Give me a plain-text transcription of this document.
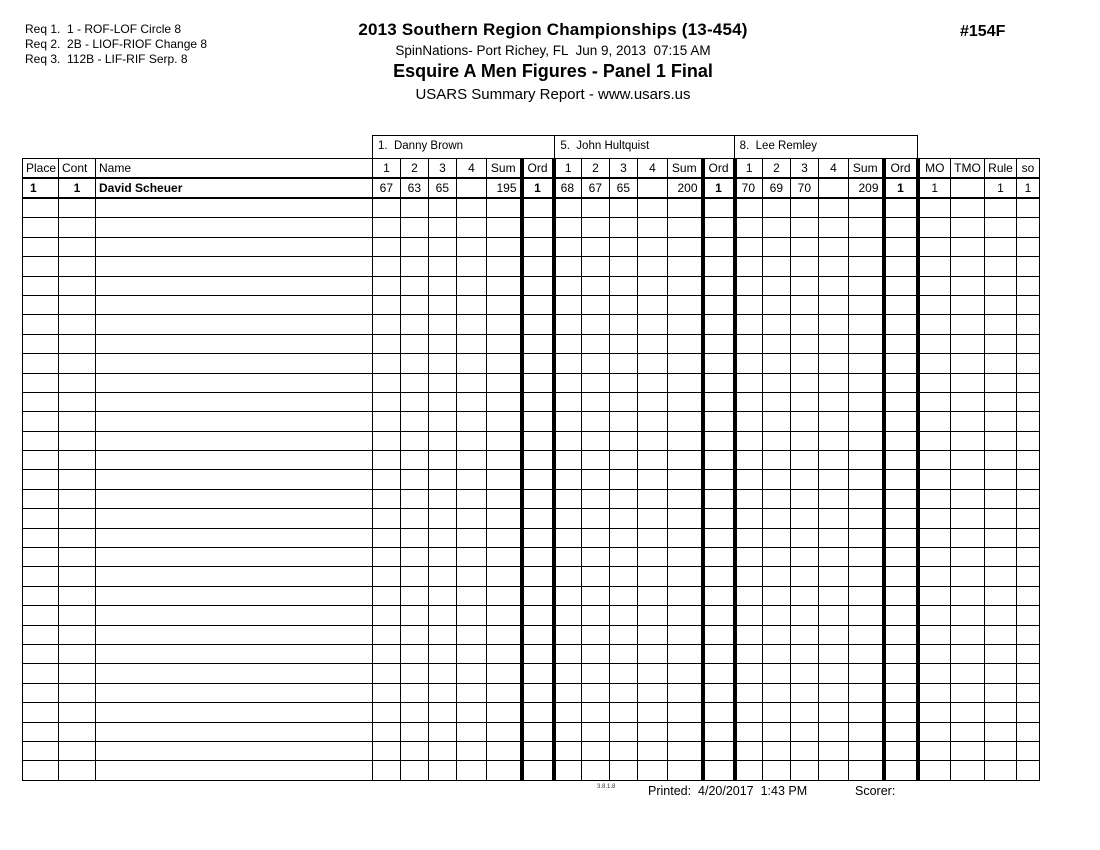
Req 1.  1 - ROF-LOF Circle 8
Req 2.  2B - LIOF-RIOF Change 8
Req 3.  112B - LIF-RIF Serp. 8
2013 Southern Region Championships (13-454)
SpinNations- Port Richey, FL  Jun 9, 2013  07:15 AM
Esquire A Men Figures - Panel 1 Final
USARS Summary Report - www.usars.us
#154F
1.  Danny Brown	5.  John Hultquist	8.  Lee Remley
Place	Cont	Name	1	2	3	4	Sum	Ord	1	2	3	4	Sum	Ord	1	2	3	4	Sum	Ord	MO	TMO	Rule	so
1	1	David Scheuer	67	63	65		195	1	68	67	65		200	1	70	69	70		209	1	1		1	1

3.8.1.8	Printed:  4/20/2017  1:43 PM	Scorer:
